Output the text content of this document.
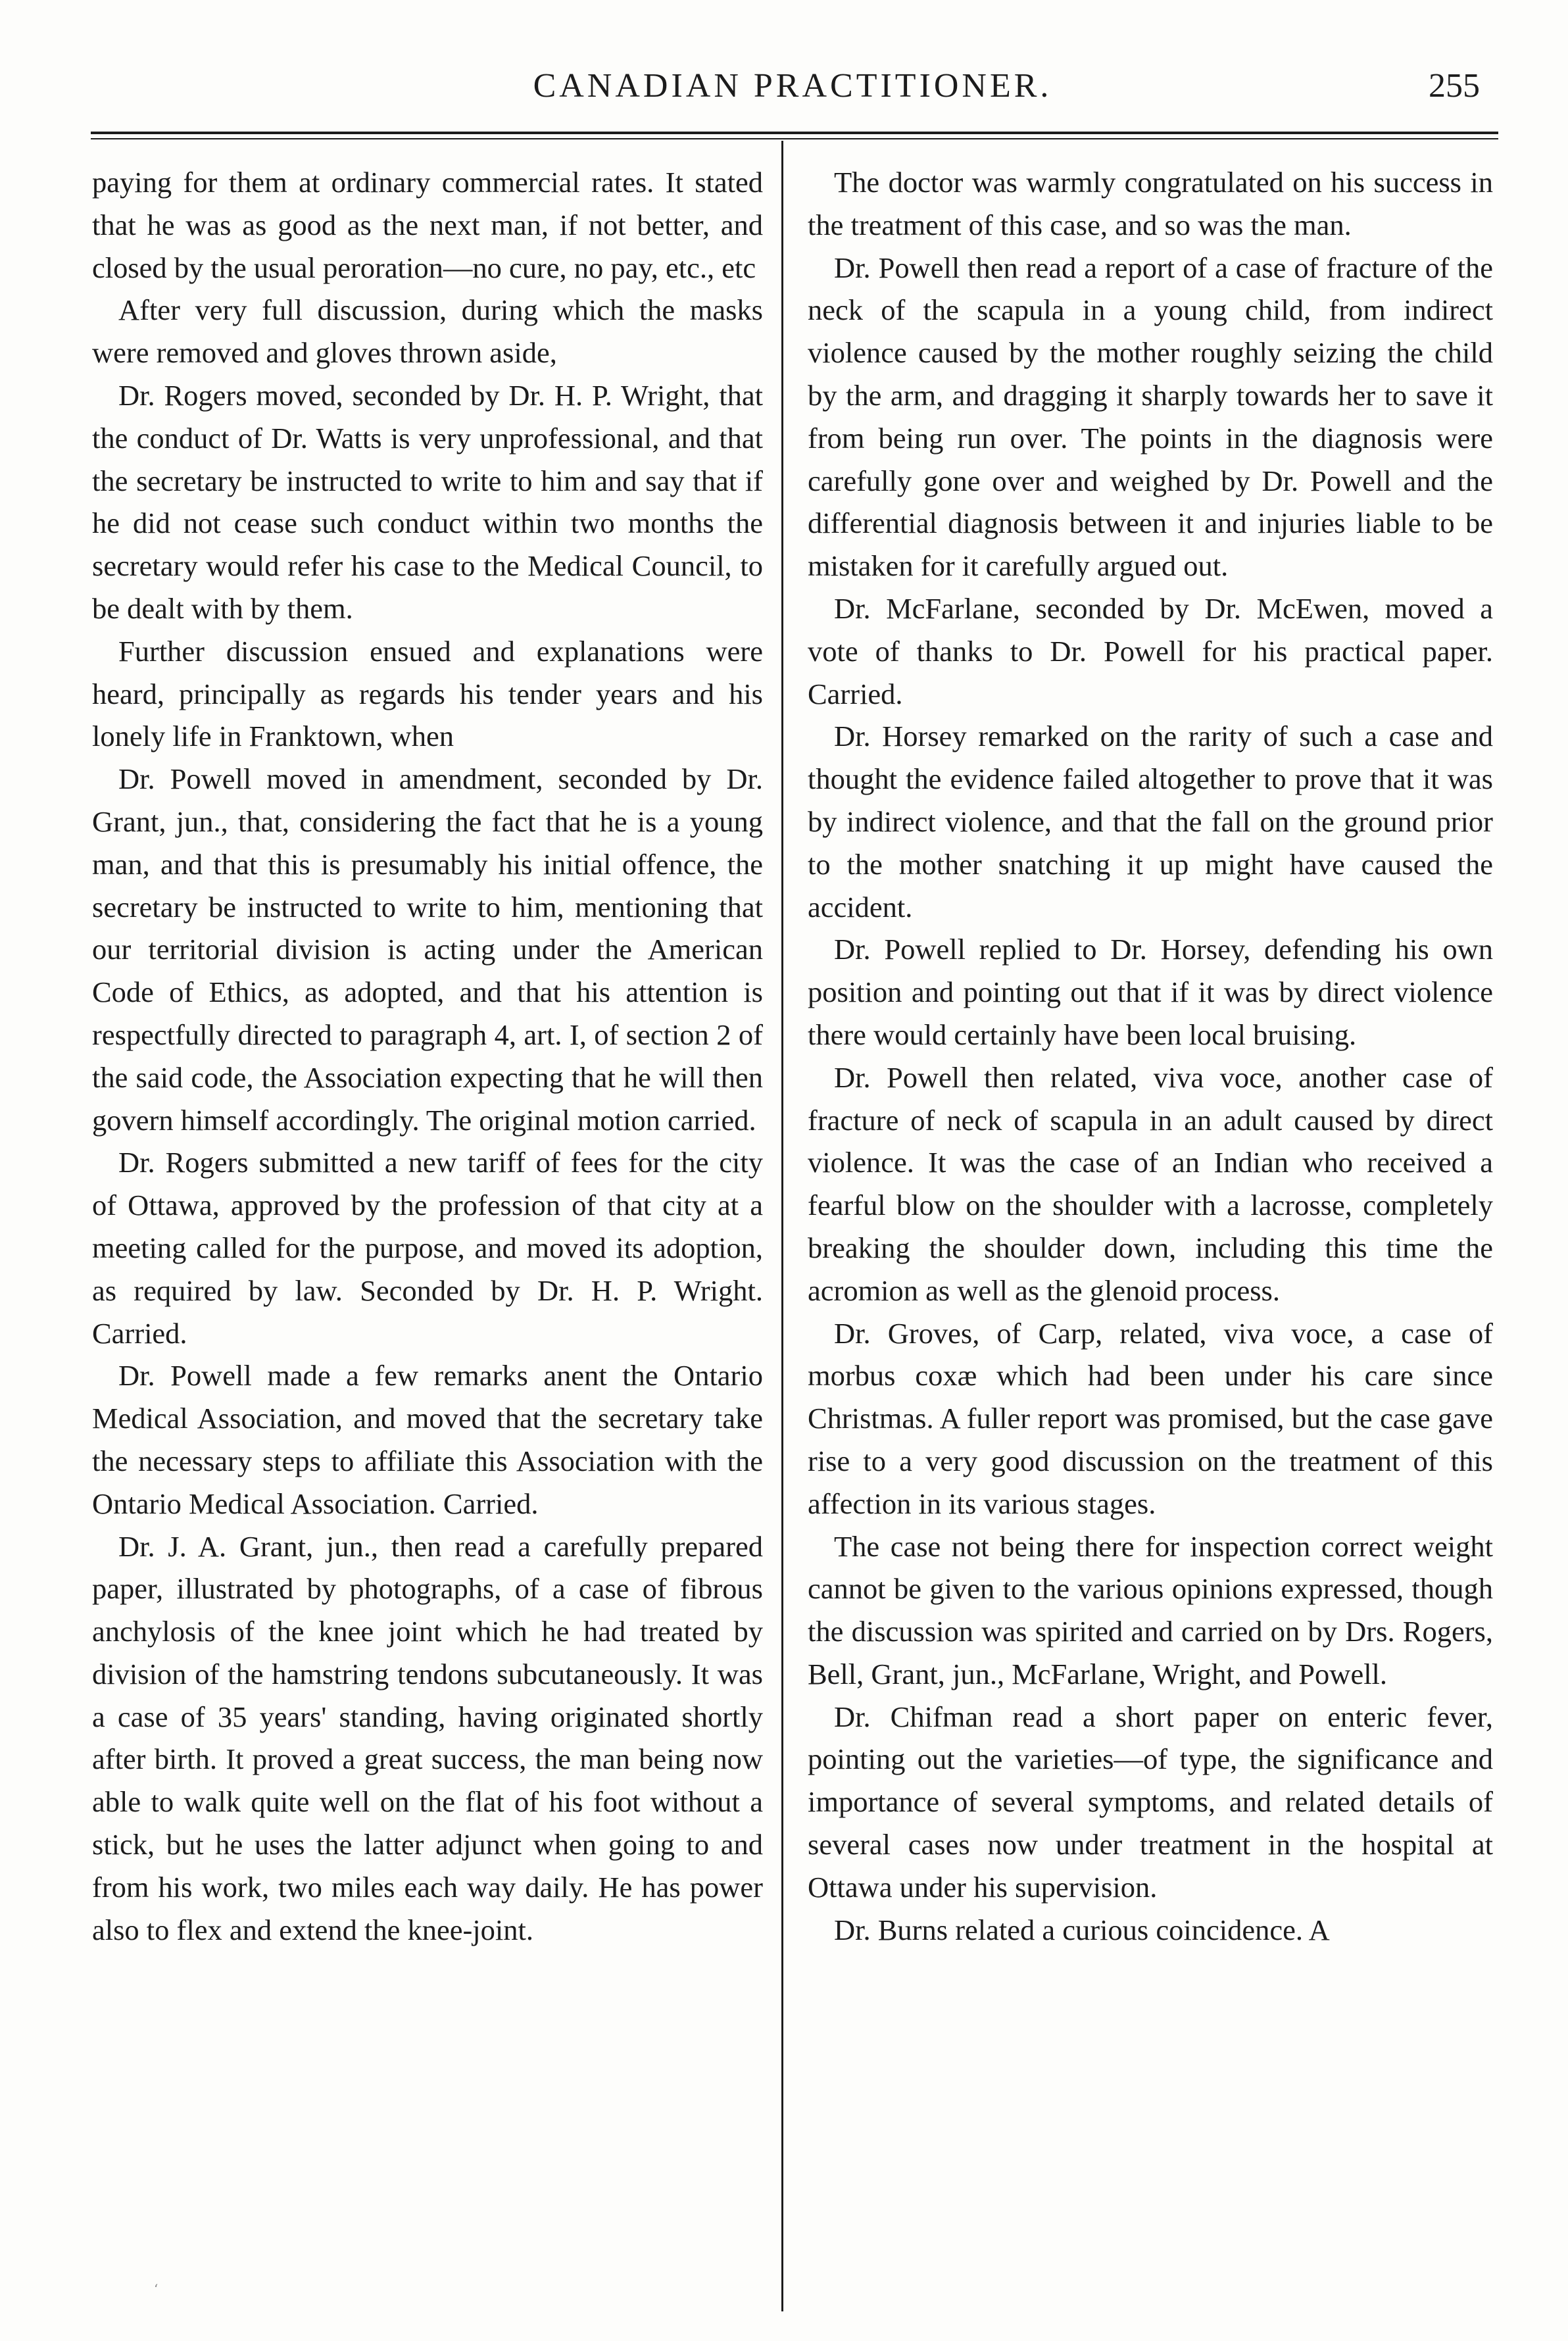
CANADIAN PRACTITIONER.	255

paying for them at ordinary commercial rates. It stated that he was as good as the next man, if not better, and closed by the usual peroration—no cure, no pay, etc., etc

After very full discussion, during which the masks were removed and gloves thrown aside,

Dr. Rogers moved, seconded by Dr. H. P. Wright, that the conduct of Dr. Watts is very unprofessional, and that the secretary be instructed to write to him and say that if he did not cease such conduct within two months the secretary would refer his case to the Medical Council, to be dealt with by them.

Further discussion ensued and explanations were heard, principally as regards his tender years and his lonely life in Franktown, when

Dr. Powell moved in amendment, seconded by Dr. Grant, jun., that, considering the fact that he is a young man, and that this is presumably his initial offence, the secretary be instructed to write to him, mentioning that our territorial division is acting under the American Code of Ethics, as adopted, and that his attention is respectfully directed to paragraph 4, art. I, of section 2 of the said code, the Association expecting that he will then govern himself accordingly. The original motion carried.

Dr. Rogers submitted a new tariff of fees for the city of Ottawa, approved by the profession of that city at a meeting called for the purpose, and moved its adoption, as required by law. Seconded by Dr. H. P. Wright. Carried.

Dr. Powell made a few remarks anent the Ontario Medical Association, and moved that the secretary take the necessary steps to affiliate this Association with the Ontario Medical Association. Carried.

Dr. J. A. Grant, jun., then read a carefully prepared paper, illustrated by photographs, of a case of fibrous anchylosis of the knee joint which he had treated by division of the hamstring tendons subcutaneously. It was a case of 35 years' standing, having originated shortly after birth. It proved a great success, the man being now able to walk quite well on the flat of his foot without a stick, but he uses the latter adjunct when going to and from his work, two miles each way daily. He has power also to flex and extend the knee-joint.

The doctor was warmly congratulated on his success in the treatment of this case, and so was the man.

Dr. Powell then read a report of a case of fracture of the neck of the scapula in a young child, from indirect violence caused by the mother roughly seizing the child by the arm, and dragging it sharply towards her to save it from being run over. The points in the diagnosis were carefully gone over and weighed by Dr. Powell and the differential diagnosis between it and injuries liable to be mistaken for it carefully argued out.

Dr. McFarlane, seconded by Dr. McEwen, moved a vote of thanks to Dr. Powell for his practical paper. Carried.

Dr. Horsey remarked on the rarity of such a case and thought the evidence failed altogether to prove that it was by indirect violence, and that the fall on the ground prior to the mother snatching it up might have caused the accident.

Dr. Powell replied to Dr. Horsey, defending his own position and pointing out that if it was by direct violence there would certainly have been local bruising.

Dr. Powell then related, viva voce, another case of fracture of neck of scapula in an adult caused by direct violence. It was the case of an Indian who received a fearful blow on the shoulder with a lacrosse, completely breaking the shoulder down, including this time the acromion as well as the glenoid process.

Dr. Groves, of Carp, related, viva voce, a case of morbus coxæ which had been under his care since Christmas. A fuller report was promised, but the case gave rise to a very good discussion on the treatment of this affection in its various stages.

The case not being there for inspection correct weight cannot be given to the various opinions expressed, though the discussion was spirited and carried on by Drs. Rogers, Bell, Grant, jun., McFarlane, Wright, and Powell.

Dr. Chifman read a short paper on enteric fever, pointing out the varieties—of type, the significance and importance of several symptoms, and related details of several cases now under treatment in the hospital at Ottawa under his supervision.

Dr. Burns related a curious coincidence. A

ʻ
